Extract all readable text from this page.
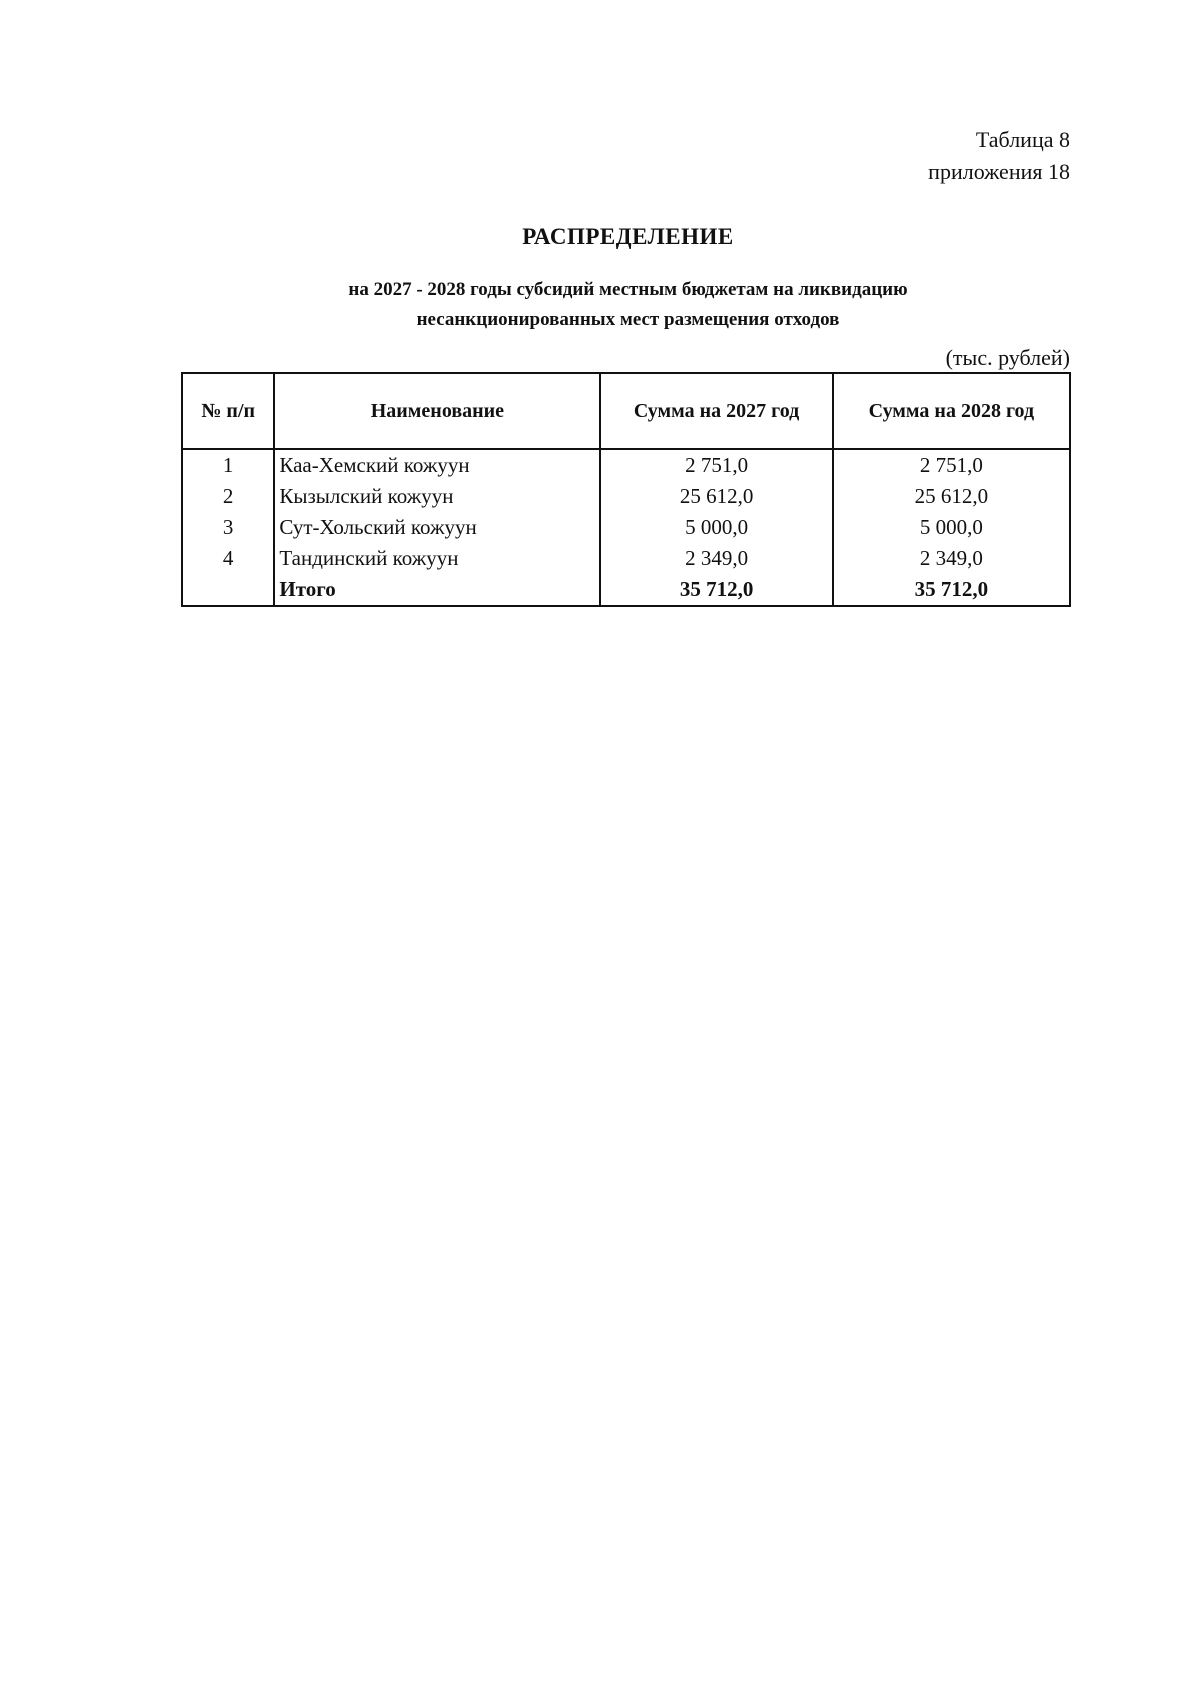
Таблица 8
приложения 18
РАСПРЕДЕЛЕНИЕ
на 2027 - 2028 годы субсидий местным бюджетам на ликвидацию
несанкционированных мест размещения отходов
(тыс. рублей)
№ п/п	Наименование	Сумма на 2027 год	Сумма на 2028 год
1	Каа-Хемский кожуун	2 751,0	2 751,0
2	Кызылский кожуун	25 612,0	25 612,0
3	Сут-Хольский кожуун	5 000,0	5 000,0
4	Тандинский кожуун	2 349,0	2 349,0
	Итого	35 712,0	35 712,0
